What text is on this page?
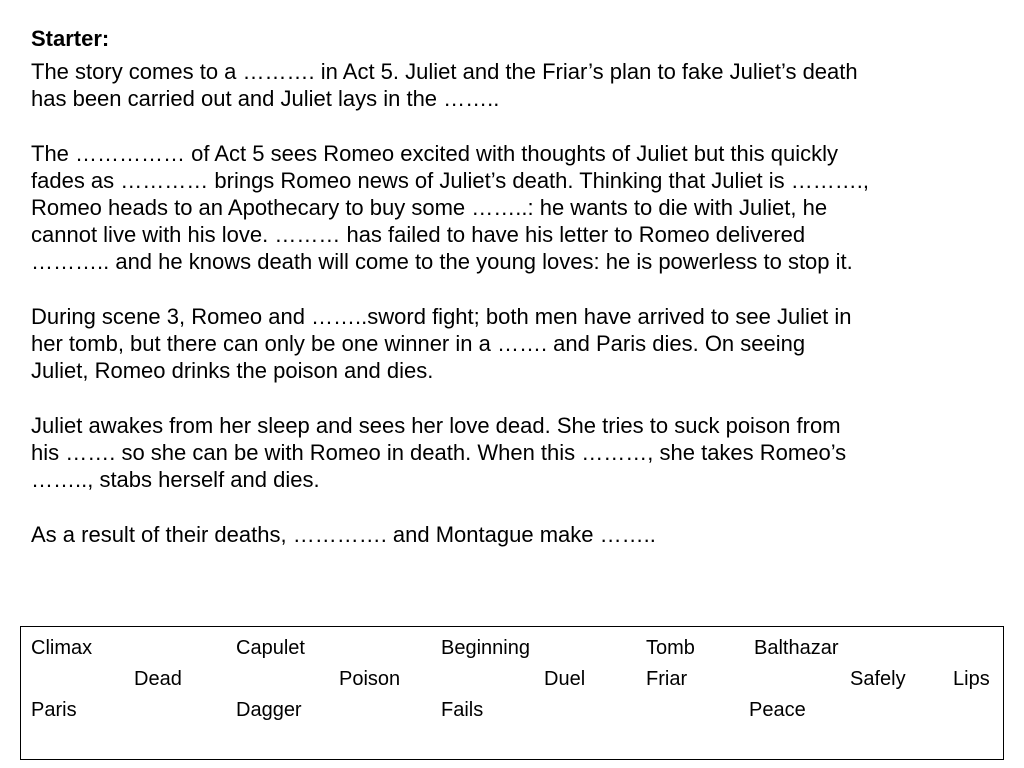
Starter:

The story comes to a ………. in Act 5. Juliet and the Friar’s plan to fake Juliet’s death
has been carried out and Juliet lays in the ……..

The …………… of Act 5 sees Romeo excited with thoughts of Juliet but this quickly
fades as ………… brings Romeo news of Juliet’s death. Thinking that Juliet is ……….,
Romeo heads to an Apothecary to buy some ……..: he wants to die with Juliet, he
cannot live with his love. ……… has failed to have his letter to Romeo delivered
……….. and he knows death will come to the young loves: he is powerless to stop it.

During scene 3, Romeo and ……..sword fight; both men have arrived to see Juliet in
her tomb, but there can only be one winner in a ……. and Paris dies. On seeing
Juliet, Romeo drinks the poison and dies.

Juliet awakes from her sleep and sees her love dead. She tries to suck poison from
his ……. so she can be with Romeo in death. When this ………, she takes Romeo’s
…….., stabs herself and dies.

As a result of their deaths, …………. and Montague make ……..

Climax	Capulet	Beginning	Tomb	Balthazar
Dead	Poison	Duel	Friar	Safely Lips
Paris	Dagger	Fails	Peace
